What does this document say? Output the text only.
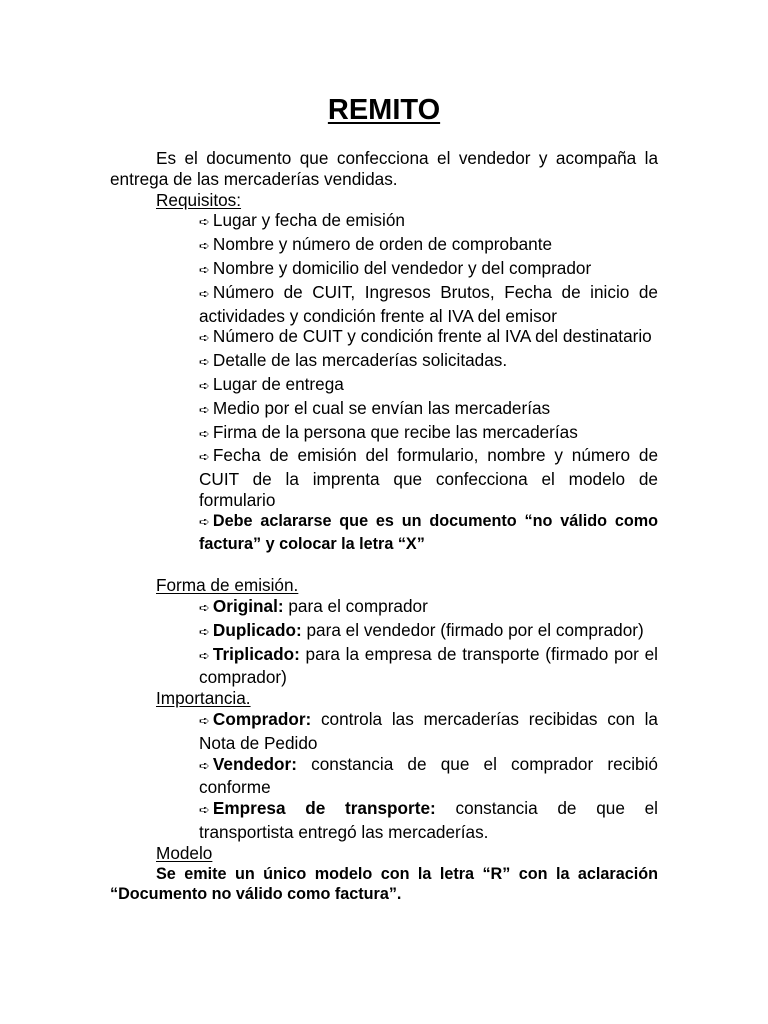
REMITO

Es el documento que confecciona el vendedor y acompaña la entrega de las mercaderías vendidas.

Requisitos:
➪ Lugar y fecha de emisión
➪ Nombre y número de orden de comprobante
➪ Nombre y domicilio del vendedor y del comprador
➪ Número de CUIT, Ingresos Brutos, Fecha de inicio de actividades y condición frente al IVA del emisor
➪ Número de CUIT y condición frente al IVA del destinatario
➪ Detalle de las mercaderías solicitadas.
➪ Lugar de entrega
➪ Medio por el cual se envían las mercaderías
➪ Firma de la persona que recibe las mercaderías
➪ Fecha de emisión del formulario, nombre y número de CUIT de la imprenta que confecciona el modelo de formulario
➪ Debe aclararse que es un documento “no válido como factura” y colocar la letra “X”
Forma de emisión.
➪ Original: para el comprador
➪ Duplicado: para el vendedor (firmado por el comprador)
➪ Triplicado: para la empresa de transporte (firmado por el comprador)
Importancia.
➪ Comprador: controla las mercaderías recibidas con la Nota de Pedido
➪ Vendedor: constancia de que el comprador recibió conforme
➪ Empresa de transporte: constancia de que el transportista entregó las mercaderías.
Modelo

Se emite un único modelo con la letra “R” con la aclaración “Documento no válido como factura”.
